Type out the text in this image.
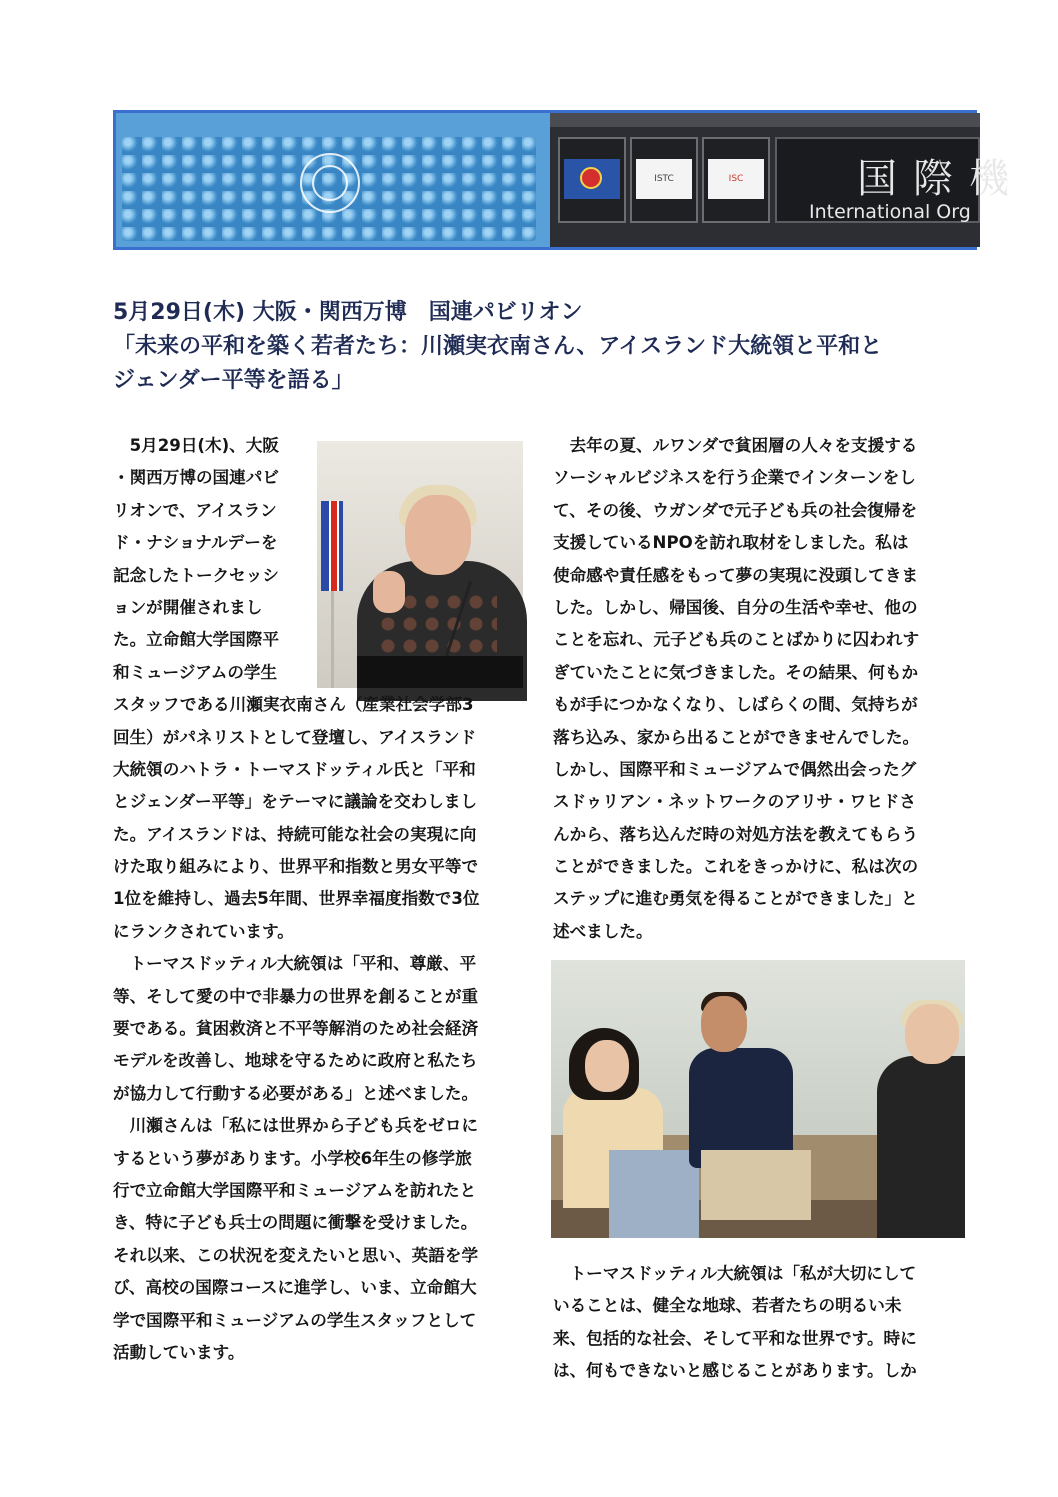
ISTC	ISC	国際機
International Org
5月29日(木) 大阪・関西万博　国連パビリオン
「未来の平和を築く若者たち：川瀬実衣南さん、アイスランド大統領と平和と
ジェンダー平等を語る」
　5月29日(木)、大阪
・関西万博の国連パビ
リオンで、アイスラン
ド・ナショナルデーを
記念したトークセッシ
ョンが開催されまし
た。立命館大学国際平
和ミュージアムの学生
スタッフである川瀬実衣南さん（産業社会学部3
回生）がパネリストとして登壇し、アイスランド
大統領のハトラ・トーマスドッティル氏と「平和
とジェンダー平等」をテーマに議論を交わしまし
た。アイスランドは、持続可能な社会の実現に向
けた取り組みにより、世界平和指数と男女平等で
1位を維持し、過去5年間、世界幸福度指数で3位
にランクされています。
　トーマスドッティル大統領は「平和、尊厳、平
等、そして愛の中で非暴力の世界を創ることが重
要である。貧困救済と不平等解消のため社会経済
モデルを改善し、地球を守るために政府と私たち
が協力して行動する必要がある」と述べました。
　川瀬さんは「私には世界から子ども兵をゼロに
するという夢があります。小学校6年生の修学旅
行で立命館大学国際平和ミュージアムを訪れたと
き、特に子ども兵士の問題に衝撃を受けました。
それ以来、この状況を変えたいと思い、英語を学
び、高校の国際コースに進学し、いま、立命館大
学で国際平和ミュージアムの学生スタッフとして
活動しています。
　去年の夏、ルワンダで貧困層の人々を支援する
ソーシャルビジネスを行う企業でインターンをし
て、その後、ウガンダで元子ども兵の社会復帰を
支援しているNPOを訪れ取材をしました。私は
使命感や責任感をもって夢の実現に没頭してきま
した。しかし、帰国後、自分の生活や幸せ、他の
ことを忘れ、元子ども兵のことばかりに囚われす
ぎていたことに気づきました。その結果、何もか
もが手につかなくなり、しばらくの間、気持ちが
落ち込み、家から出ることができませんでした。
しかし、国際平和ミュージアムで偶然出会ったグ
スドゥリアン・ネットワークのアリサ・ワヒドさ
んから、落ち込んだ時の対処方法を教えてもらう
ことができました。これをきっかけに、私は次の
ステップに進む勇気を得ることができました」と
述べました。
　トーマスドッティル大統領は「私が大切にして
いることは、健全な地球、若者たちの明るい未
来、包括的な社会、そして平和な世界です。時に
は、何もできないと感じることがあります。しか
